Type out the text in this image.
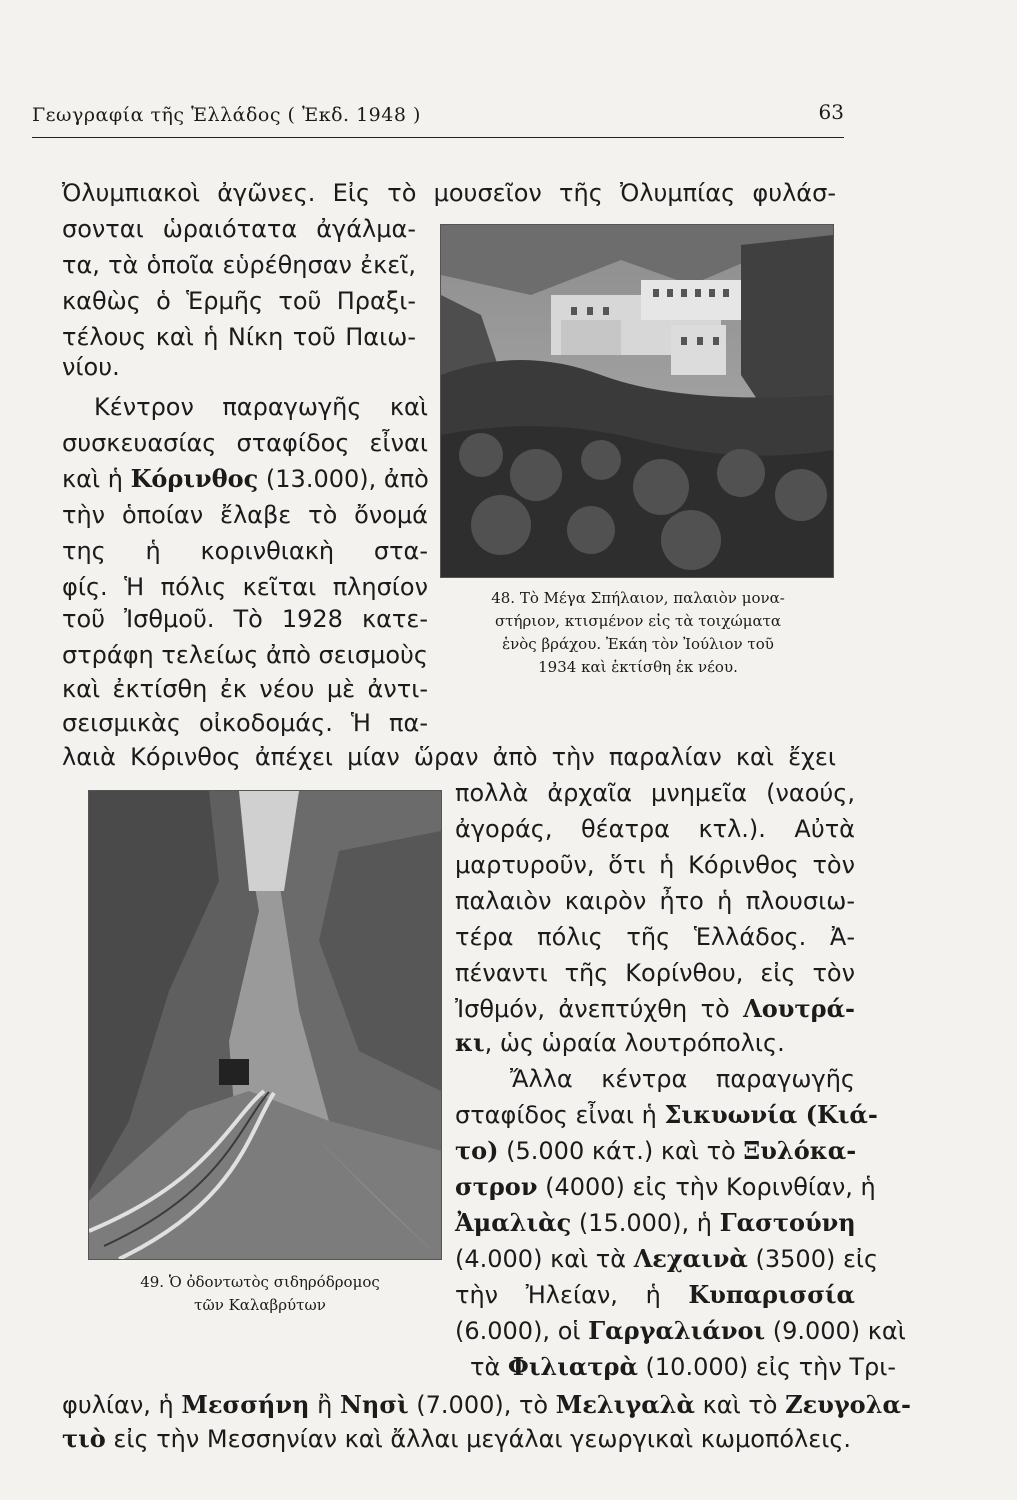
Γεωγραφία τῆς Ἑλλάδος ( Ἐκδ. 1948 )	63
48. Τὸ Μέγα Σπήλαιον, παλαιὸν μονα-
στήριον, κτισμένον εἰς τὰ τοιχώματα
ἑνὸς βράχου. Ἐκάη τὸν Ἰούλιον τοῦ
1934 καὶ ἐκτίσθη ἐκ νέου.
49. Ὁ ὀδοντωτὸς σιδηρόδρομος
τῶν Καλαβρύτων
Ὀλυμπιακοὶ ἀγῶνες. Εἰς τὸ μουσεῖον τῆς Ὀλυμπίας φυλάσ-
σονται ὡραιότατα ἀγάλμα-
τα, τὰ ὁποῖα εὑρέθησαν ἐκεῖ,
καθὼς ὁ Ἑρμῆς τοῦ Πραξι-
τέλους καὶ ἡ Νίκη τοῦ Παιω-
νίου.
Κέντρον παραγωγῆς καὶ
συσκευασίας σταφίδος εἶναι
καὶ ἡ Κόρινθος (13.000), ἀπὸ
τὴν ὁποίαν ἔλαβε τὸ ὄνομά
της ἡ κορινθιακὴ στα-
φίς. Ἡ πόλις κεῖται πλησίον
τοῦ Ἰσθμοῦ. Τὸ 1928 κατε-
στράφη τελείως ἀπὸ σεισμοὺς
καὶ ἐκτίσθη ἐκ νέου μὲ ἀντι-
σεισμικὰς οἰκοδομάς. Ἡ πα-
λαιὰ Κόρινθος ἀπέχει μίαν ὥραν ἀπὸ τὴν παραλίαν καὶ ἔχει
πολλὰ ἀρχαῖα μνημεῖα (ναούς,
ἀγοράς, θέατρα κτλ.). Αὐτὰ
μαρτυροῦν, ὅτι ἡ Κόρινθος τὸν
παλαιὸν καιρὸν ἦτο ἡ πλουσιω-
τέρα πόλις τῆς Ἑλλάδος. Ἀ-
πέναντι τῆς Κορίνθου, εἰς τὸν
Ἰσθμόν, ἀνεπτύχθη τὸ Λουτρά-
κι, ὡς ὡραία λουτρόπολις.
Ἄλλα κέντρα παραγωγῆς
σταφίδος εἶναι ἡ Σικυωνία (Κιά-
το) (5.000 κάτ.) καὶ τὸ Ξυλόκα-
στρον (4000) εἰς τὴν Κορινθίαν, ἡ
Ἀμαλιὰς (15.000), ἡ Γαστούνη
(4.000) καὶ τὰ Λεχαινὰ (3500) εἰς
τὴν Ἠλείαν, ἡ Κυπαρισσία
(6.000), οἱ Γαργαλιάνοι (9.000) καὶ
τὰ Φιλιατρὰ (10.000) εἰς τὴν Τρι-
φυλίαν, ἡ Μεσσήνη ἢ Νησὶ (7.000), τὸ Μελιγαλὰ καὶ τὸ Ζευγολα-
τιὸ εἰς τὴν Μεσσηνίαν καὶ ἄλλαι μεγάλαι γεωργικαὶ κωμοπόλεις.
